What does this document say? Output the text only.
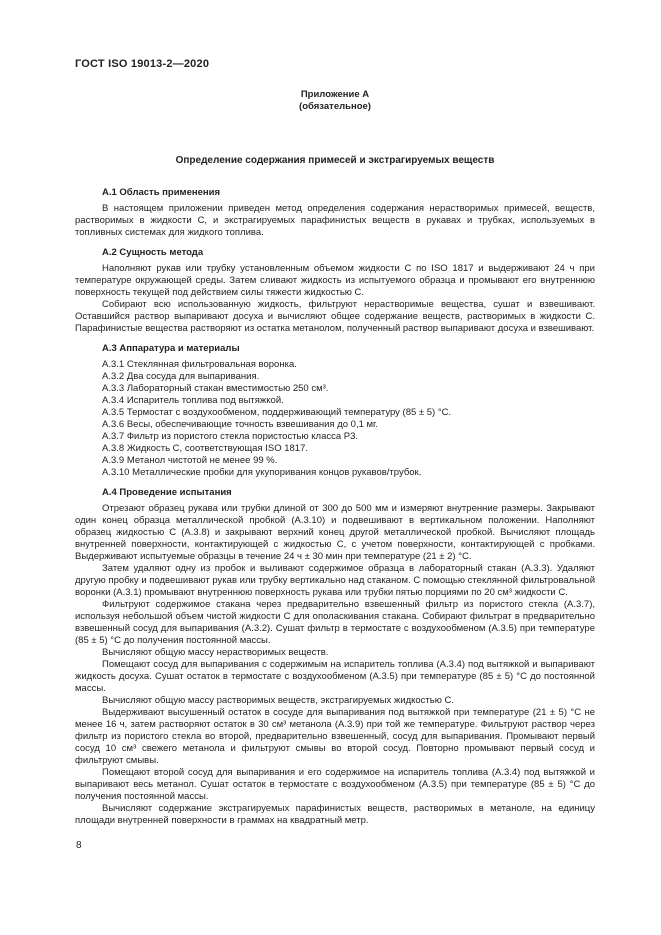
ГОСТ ISO 19013-2—2020
Приложение А
(обязательное)
Определение содержания примесей и экстрагируемых веществ
А.1 Область применения

В настоящем приложении приведен метод определения содержания нерастворимых примесей, веществ, растворимых в жидкости С, и экстрагируемых парафинистых веществ в рукавах и трубках, используемых в топливных системах для жидкого топлива.

А.2 Сущность метода

Наполняют рукав или трубку установленным объемом жидкости С по ISO 1817 и выдерживают 24 ч при температуре окружающей среды. Затем сливают жидкость из испытуемого образца и промывают его внутреннюю поверхность текущей под действием силы тяжести жидкостью С.

Собирают всю использованную жидкость, фильтруют нерастворимые вещества, сушат и взвешивают. Оставшийся раствор выпаривают досуха и вычисляют общее содержание веществ, растворимых в жидкости С. Парафинистые вещества растворяют из остатка метанолом, полученный раствор выпаривают досуха и взвешивают.

А.3 Аппаратура и материалы

А.3.1 Стеклянная фильтровальная воронка.

А.3.2 Два сосуда для выпаривания.

А.3.3 Лабораторный стакан вместимостью 250 см³.

А.3.4 Испаритель топлива под вытяжкой.

А.3.5 Термостат с воздухообменом, поддерживающий температуру (85 ± 5) °С.

А.3.6 Весы, обеспечивающие точность взвешивания до 0,1 мг.

А.3.7 Фильтр из пористого стекла пористостью класса Р3.

А.3.8 Жидкость С, соответствующая ISO 1817.

А.3.9 Метанол чистотой не менее 99 %.

А.3.10 Металлические пробки для укупоривания концов рукавов/трубок.

А.4 Проведение испытания

Отрезают образец рукава или трубки длиной от 300 до 500 мм и измеряют внутренние размеры. Закрывают один конец образца металлической пробкой (А.3.10) и подвешивают в вертикальном положении. Наполняют образец жидкостью С (А.3.8) и закрывают верхний конец другой металлической пробкой. Вычисляют площадь внутренней поверхности, контактирующей с жидкостью С, с учетом поверхности, контактирующей с пробками. Выдерживают испытуемые образцы в течение 24 ч ± 30 мин при температуре (21 ± 2) °С.

Затем удаляют одну из пробок и выливают содержимое образца в лабораторный стакан (А.3.3). Удаляют другую пробку и подвешивают рукав или трубку вертикально над стаканом. С помощью стеклянной фильтровальной воронки (А.3.1) промывают внутреннюю поверхность рукава или трубки пятью порциями по 20 см³ жидкости С.

Фильтруют содержимое стакана через предварительно взвешенный фильтр из пористого стекла (А.3.7), используя небольшой объем чистой жидкости С для ополаскивания стакана. Собирают фильтрат в предварительно взвешенный сосуд для выпаривания (А.3.2). Сушат фильтр в термостате с воздухообменом (А.3.5) при температуре (85 ± 5) °С до получения постоянной массы.

Вычисляют общую массу нерастворимых веществ.

Помещают сосуд для выпаривания с содержимым на испаритель топлива (А.3.4) под вытяжкой и выпаривают жидкость досуха. Сушат остаток в термостате с воздухообменом (А.3.5) при температуре (85 ± 5) °С до постоянной массы.

Вычисляют общую массу растворимых веществ, экстрагируемых жидкостью С.

Выдерживают высушенный остаток в сосуде для выпаривания под вытяжкой при температуре (21 ± 5) °С не менее 16 ч, затем растворяют остаток в 30 см³ метанола (А.3.9) при той же температуре. Фильтруют раствор через фильтр из пористого стекла во второй, предварительно взвешенный, сосуд для выпаривания. Промывают первый сосуд 10 см³ свежего метанола и фильтруют смывы во второй сосуд. Повторно промывают первый сосуд и фильтруют смывы.

Помещают второй сосуд для выпаривания и его содержимое на испаритель топлива (А.3.4) под вытяжкой и выпаривают весь метанол. Сушат остаток в термостате с воздухообменом (А.3.5) при температуре (85 ± 5) °С до получения постоянной массы.

Вычисляют содержание экстрагируемых парафинистых веществ, растворимых в метаноле, на единицу площади внутренней поверхности в граммах на квадратный метр.

8
